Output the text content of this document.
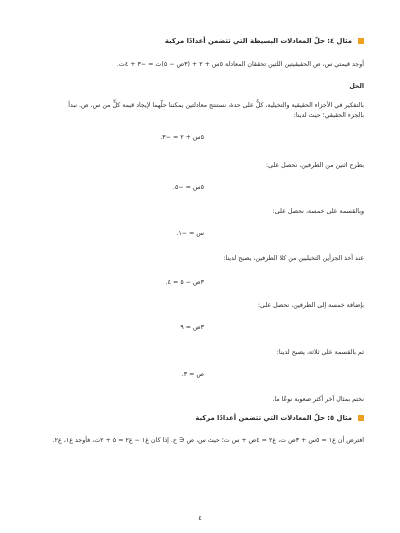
مثال ٤: حلّ المعادلات البسيطة التي تتضمن أعدادًا مركبة
أوجد قيمتي س، ص الحقيقيتين اللتين تحققان المعادلة ٥س + ٢ + (٣ص − ٥)ت = −٣ + ٤ت.
الحل
بالتفكير في الأجزاء الحقيقية والتخيلية، كلٌّ على حدة، نستنتج معادلتين يمكننا حلّهما لإيجاد قيمة كلٍّ من س، ص. نبدأ
بالجزء الحقيقي؛ حيث لدينا:
٥س + ٢ = −٣.
بطرح اثنين من الطرفين، نحصل على:
٥س = −٥.
وبالقسمة على خمسة، نحصل على:
س = −١.
عند أخذ الجزأين التخيليين من كلا الطرفين، يصبح لدينا:
٣ص − ٥ = ٤.
بإضافة خمسة إلى الطرفين، نحصل على:
٣ص = ٩
ثم بالقسمة على ثلاثة، يصبح لدينا:
ص = ٣.
نختم بمثال آخر أكثر صعوبة نوعًا ما.
مثال ٥: حلّ المعادلات التي تتضمن أعدادًا مركبة
افترض أن ع١ = ٥س + ٣ص ت، ع٢ = ٤ص + س ت؛ حيث س، ص ∈ ح. إذا كان ع١ − ع٢ = ٥ + ٢ت، فأوجد ع١، ع٢.
٤
